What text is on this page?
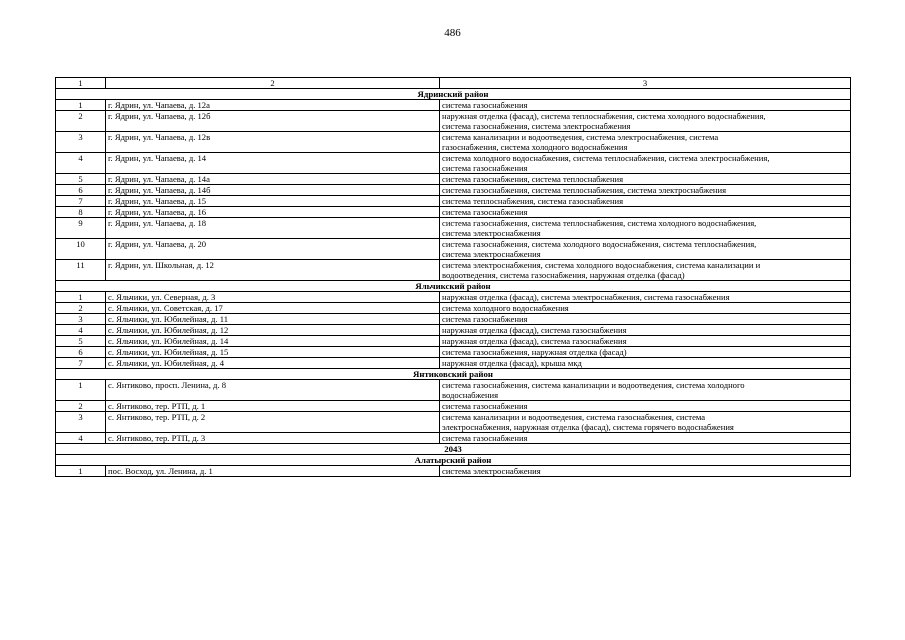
486
1	2	3
Ядринский район		
1	г. Ядрин, ул. Чапаева, д. 12а	система газоснабжения

2	г. Ядрин, ул. Чапаева, д. 12б	наружная отделка (фасад), система теплоснабжения, система холодного водоснабжения,
система газоснабжения, система электроснабжения

3	г. Ядрин, ул. Чапаева, д. 12в	система канализации и водоотведения, система электроснабжения, система
газоснабжения, система холодного водоснабжения

4	г. Ядрин, ул. Чапаева, д. 14	система холодного водоснабжения, система теплоснабжения, система электроснабжения,
система газоснабжения

5	г. Ядрин, ул. Чапаева, д. 14а	система газоснабжения, система теплоснабжения

6	г. Ядрин, ул. Чапаева, д. 14б	система газоснабжения, система теплоснабжения, система электроснабжения

7	г. Ядрин, ул. Чапаева, д. 15	система теплоснабжения, система газоснабжения

8	г. Ядрин, ул. Чапаева, д. 16	система газоснабжения

9	г. Ядрин, ул. Чапаева, д. 18	система газоснабжения, система теплоснабжения, система холодного водоснабжения,
система электроснабжения

10	г. Ядрин, ул. Чапаева, д. 20	система газоснабжения, система холодного водоснабжения, система теплоснабжения,
система электроснабжения

11	г. Ядрин, ул. Школьная, д. 12	система электроснабжения, система холодного водоснабжения, система канализации и
водоотведения, система газоснабжения, наружная отделка (фасад)

Яльчикский район		
1	с. Яльчики, ул. Северная, д. 3	наружная отделка (фасад), система электроснабжения, система газоснабжения

2	с. Яльчики, ул. Советская, д. 17	система холодного водоснабжения

3	с. Яльчики, ул. Юбилейная, д. 11	система газоснабжения

4	с. Яльчики, ул. Юбилейная, д. 12	наружная отделка (фасад), система газоснабжения

5	с. Яльчики, ул. Юбилейная, д. 14	наружная отделка (фасад), система газоснабжения

6	с. Яльчики, ул. Юбилейная, д. 15	система газоснабжения, наружная отделка (фасад)

7	с. Яльчики, ул. Юбилейная, д. 4	наружная отделка (фасад), крыша мкд

Янтиковский район		
1	с. Янтиково, просп. Ленина, д. 8	система газоснабжения, система канализации и водоотведения, система холодного
водоснабжения

2	с. Янтиково, тер. РТП, д. 1	система газоснабжения

3	с. Янтиково, тер. РТП, д. 2	система канализации и водоотведения, система газоснабжения, система
электроснабжения, наружная отделка (фасад), система горячего водоснабжения

4	с. Янтиково, тер. РТП, д. 3	система газоснабжения

2043		
Алатырский район		
1	пос. Восход, ул. Ленина, д. 1	система электроснабжения
